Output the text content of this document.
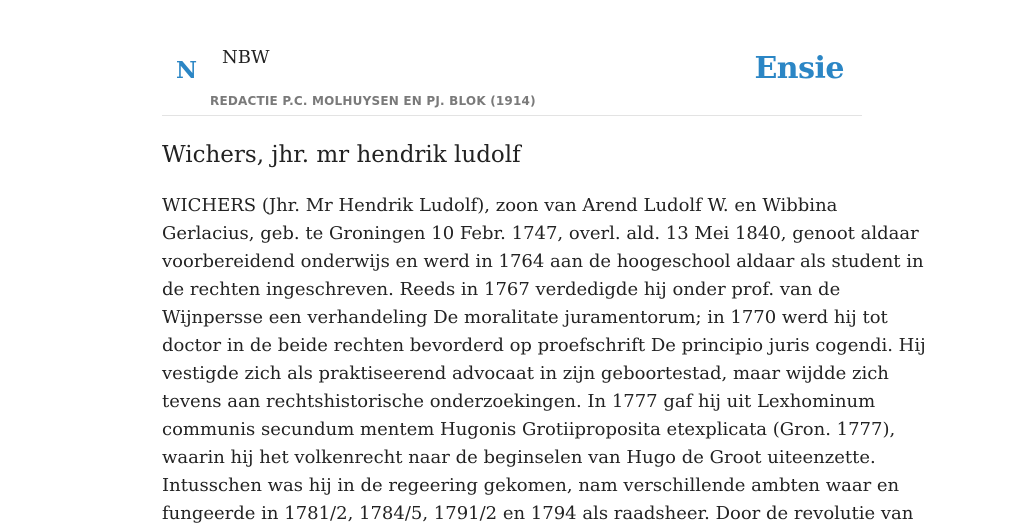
N NBW
REDACTIE P.C. MOLHUYSEN EN PJ. BLOK (1914)
Ensie
Wichers, jhr. mr hendrik ludolf
WICHERS (Jhr. Mr Hendrik Ludolf), zoon van Arend Ludolf W. en Wibbina
Gerlacius, geb. te Groningen 10 Febr. 1747, overl. ald. 13 Mei 1840, genoot aldaar
voorbereidend onderwijs en werd in 1764 aan de hoogeschool aldaar als student in
de rechten ingeschreven. Reeds in 1767 verdedigde hij onder prof. van de
Wijnpersse een verhandeling De moralitate juramentorum; in 1770 werd hij tot
doctor in de beide rechten bevorderd op proefschrift De principio juris cogendi. Hij
vestigde zich als praktiseerend advocaat in zijn geboortestad, maar wijdde zich
tevens aan rechtshistorische onderzoekingen. In 1777 gaf hij uit Lexhominum
communis secundum mentem Hugonis Grotiiproposita etexplicata (Gron. 1777),
waarin hij het volkenrecht naar de beginselen van Hugo de Groot uiteenzette.
Intusschen was hij in de regeering gekomen, nam verschillende ambten waar en
fungeerde in 1781/2, 1784/5, 1791/2 en 1794 als raadsheer. Door de revolutie van
